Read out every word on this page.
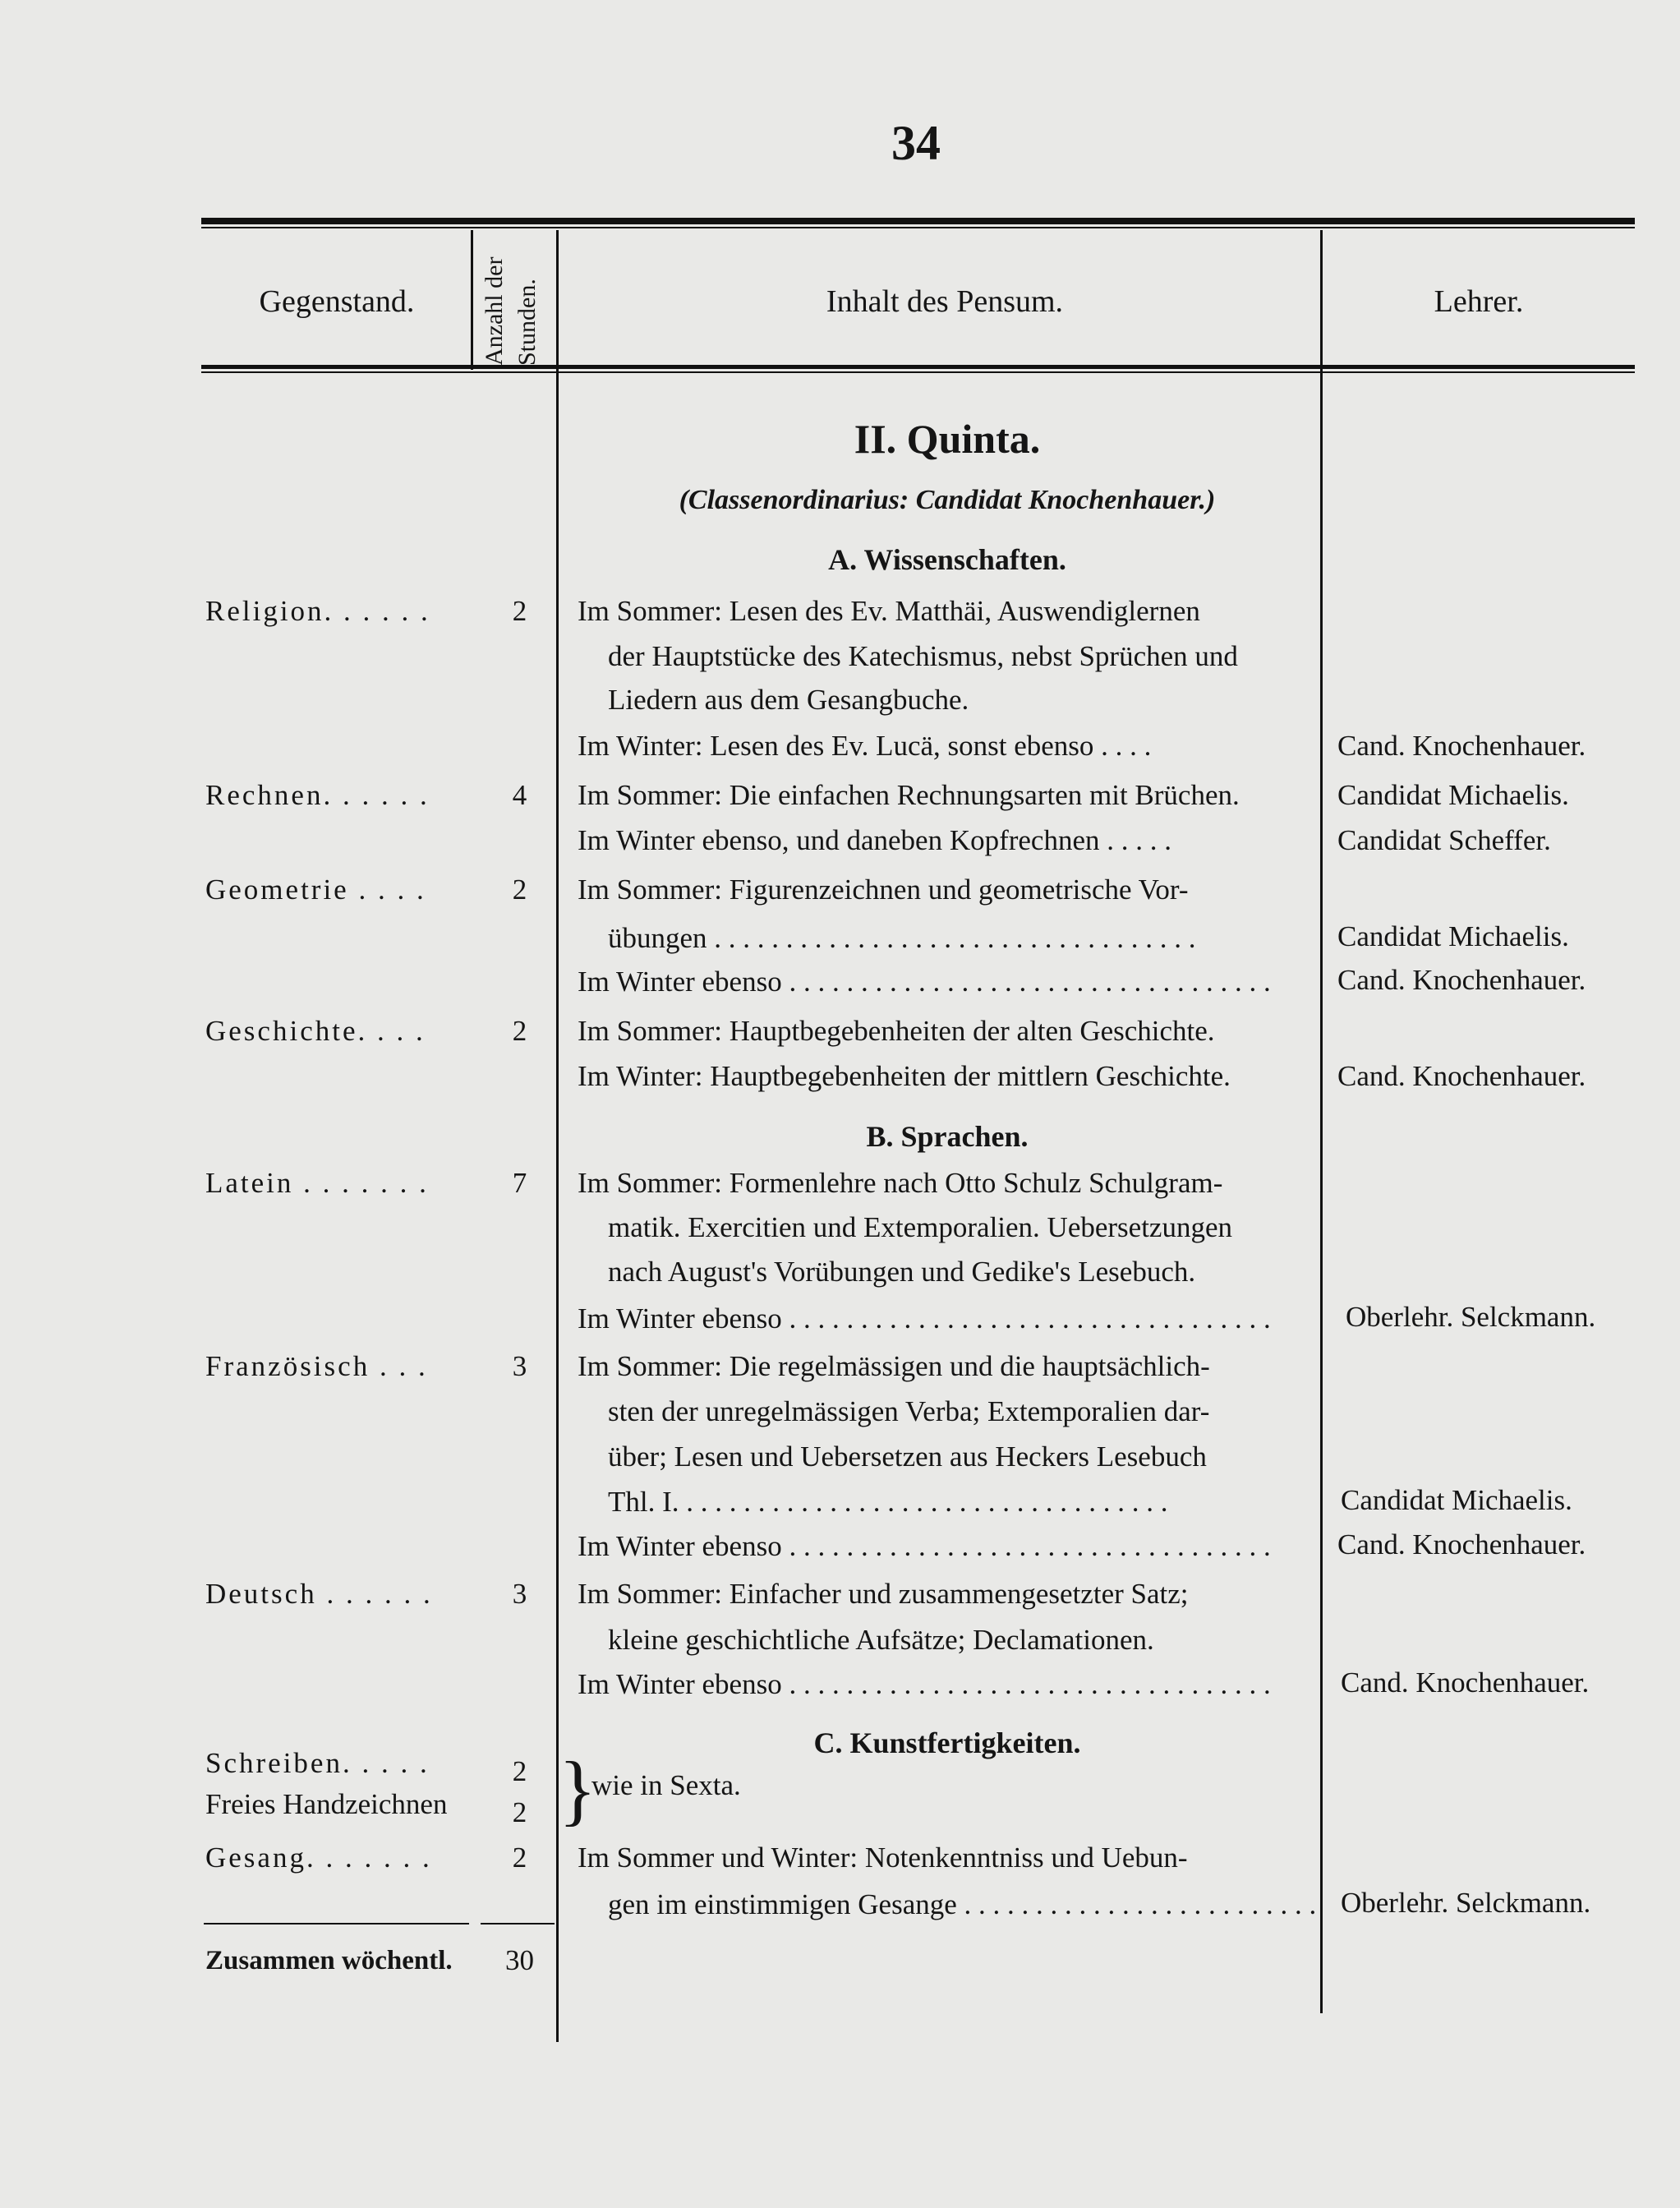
34
Gegenstand.	Anzahl der Stunden.	Inhalt des Pensum.	Lehrer.
II. Quinta.
(Classenordinarius: Candidat Knochenhauer.)
A. Wissenschaften.
Religion. . . . . .	2 Im Sommer: Lesen des Ev. Matthäi, Auswendiglernen
der Hauptstücke des Katechismus, nebst Sprüchen und
Liedern aus dem Gesangbuche.
Im Winter: Lesen des Ev. Lucä, sonst ebenso . . . .	Cand. Knochenhauer.
Rechnen. . . . . .	4 Im Sommer: Die einfachen Rechnungsarten mit Brüchen.	Candidat Michaelis.
Im Winter ebenso, und daneben Kopfrechnen . . . . .	Candidat Scheffer.
Geometrie . . . .	2 Im Sommer: Figurenzeichnen und geometrische Vor-
übungen . . .	Candidat Michaelis.
Im Winter ebenso . . .	Cand. Knochenhauer.
Geschichte. . . .	2 Im Sommer: Hauptbegebenheiten der alten Geschichte.
Im Winter: Hauptbegebenheiten der mittlern Geschichte.	Cand. Knochenhauer.
B. Sprachen.
Latein . . . . . . .	7 Im Sommer: Formenlehre nach Otto Schulz Schulgram-
matik. Exercitien und Extemporalien. Uebersetzungen
nach August's Vorübungen und Gedike's Lesebuch.
Im Winter ebenso . . .	Oberlehr. Selckmann.
Französisch . . .	3 Im Sommer: Die regelmässigen und die hauptsächlich-
sten der unregelmässigen Verba; Extemporalien dar-
über; Lesen und Uebersetzen aus Heckers Lesebuch
Thl. I. . . .	Candidat Michaelis.
Im Winter ebenso . . .	Cand. Knochenhauer.
Deutsch . . . . . .	3 Im Sommer: Einfacher und zusammengesetzter Satz;
kleine geschichtliche Aufsätze; Declamationen.
Im Winter ebenso . . .	Cand. Knochenhauer.
C. Kunstfertigkeiten.
Schreiben. . . . .	2
Freies Handzeichnen 2 }
wie in Sexta.
Gesang. . . . . . .	2 Im Sommer und Winter: Notenkenntniss und Uebun-
gen im einstimmigen Gesange . . .	Oberlehr. Selckmann.
Zusammen wöchentl. 30
